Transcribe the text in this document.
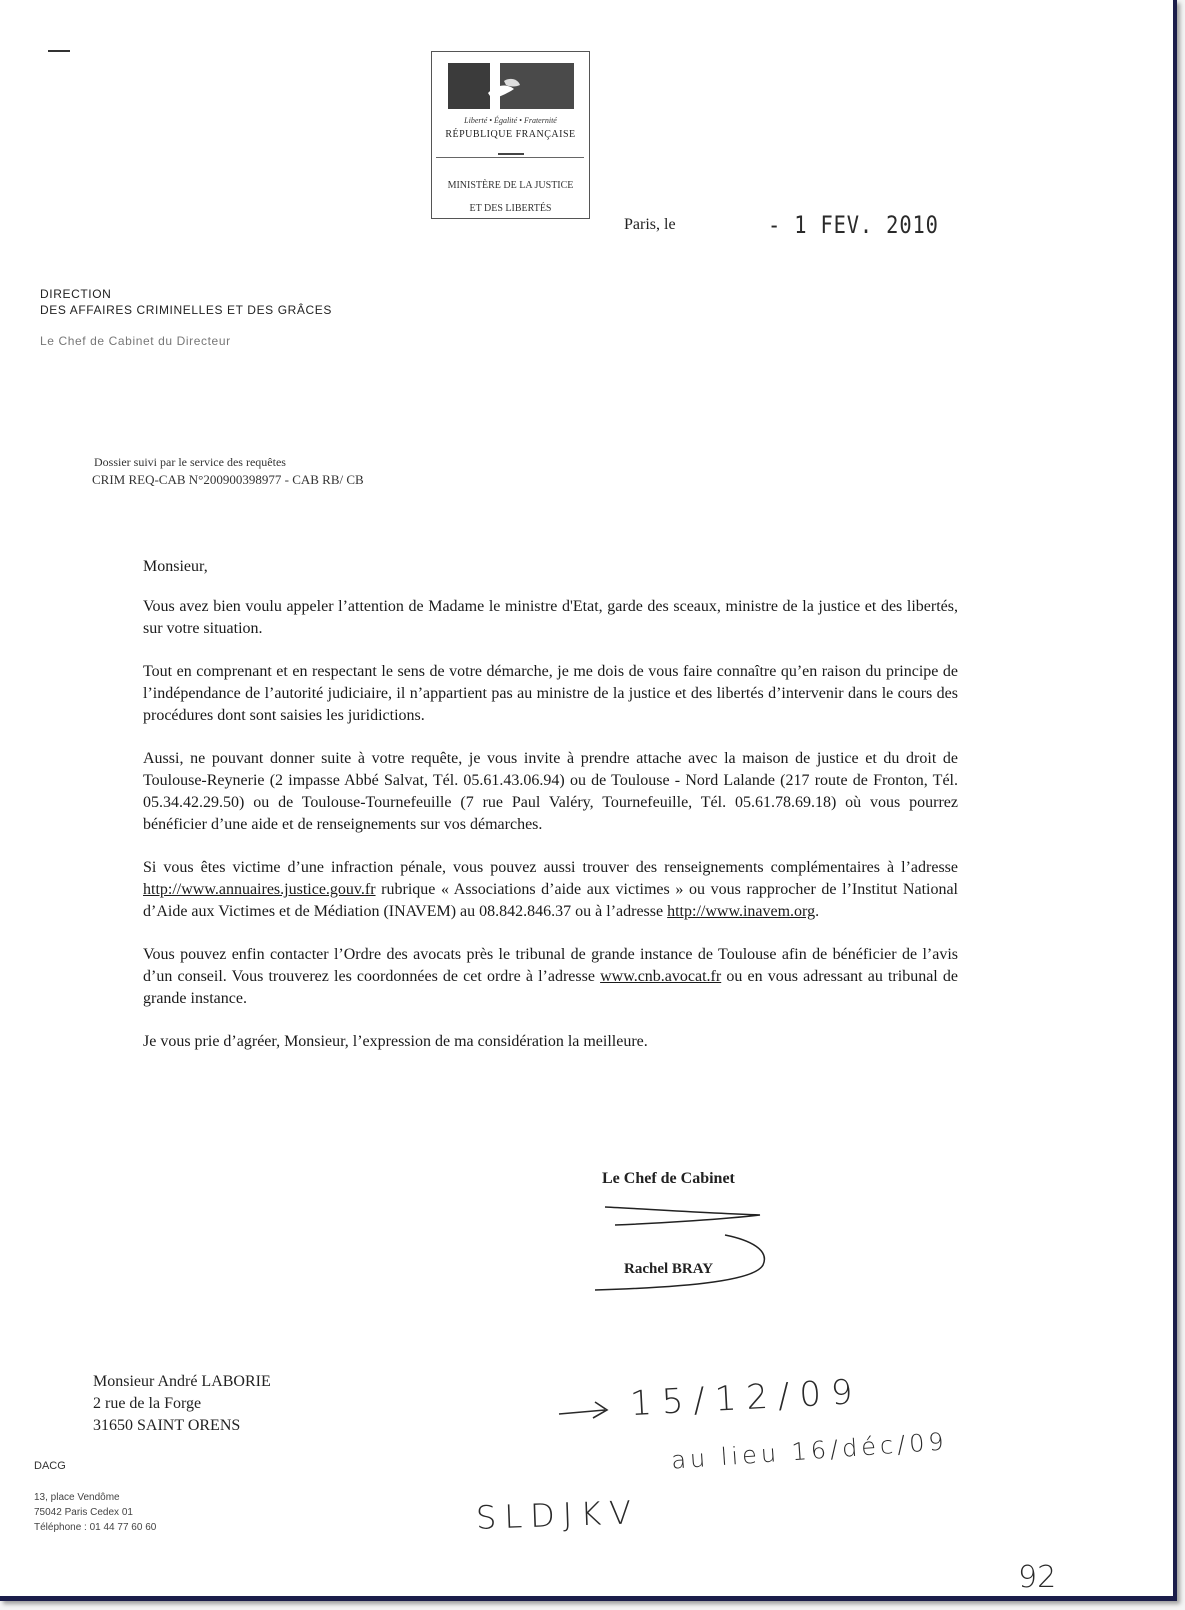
Liberté • Égalité • Fraternité
RÉPUBLIQUE FRANÇAISE
MINISTÈRE DE LA JUSTICE
ET DES LIBERTÉS
Paris, le	- 1 FEV. 2010
DIRECTION
DES AFFAIRES CRIMINELLES ET DES GRÂCES
Le Chef de Cabinet du Directeur
Dossier suivi par le service des requêtes
CRIM REQ-CAB N°200900398977 - CAB RB/ CB

Monsieur,

Vous avez bien voulu appeler l’attention de Madame le ministre d'Etat, garde des sceaux, ministre de la justice et des libertés, sur votre situation.

Tout en comprenant et en respectant le sens de votre démarche, je me dois de vous faire connaître qu’en raison du principe de l’indépendance de l’autorité judiciaire, il n’appartient pas au ministre de la justice et des libertés d’intervenir dans le cours des procédures dont sont saisies les juridictions.

Aussi, ne pouvant donner suite à votre requête, je vous invite à prendre attache avec la maison de justice et du droit de Toulouse-Reynerie (2 impasse Abbé Salvat, Tél. 05.61.43.06.94) ou de Toulouse - Nord Lalande (217 route de Fronton, Tél. 05.34.42.29.50) ou de Toulouse-Tournefeuille (7 rue Paul Valéry, Tournefeuille, Tél. 05.61.78.69.18) où vous pourrez bénéficier d’une aide et de renseignements sur vos démarches.

Si vous êtes victime d’une infraction pénale, vous pouvez aussi trouver des renseignements complémentaires à l’adresse http://www.annuaires.justice.gouv.fr rubrique « Associations d’aide aux victimes » ou vous rapprocher de l’Institut National d’Aide aux Victimes et de Médiation (INAVEM) au 08.842.846.37 ou à l’adresse http://www.inavem.org.

Vous pouvez enfin contacter l’Ordre des avocats près le tribunal de grande instance de Toulouse afin de bénéficier de l’avis d’un conseil. Vous trouverez les coordonnées de cet ordre à l’adresse www.cnb.avocat.fr ou en vous adressant au tribunal de grande instance.

Je vous prie d’agréer, Monsieur, l’expression de ma considération la meilleure.

Le Chef de Cabinet
Rachel BRAY
Monsieur André LABORIE
2 rue de la Forge
31650 SAINT ORENS
15/12/09
au lieu 16/déc/09
SLDJKV
DACG
13, place Vendôme
75042 Paris Cedex 01
Téléphone : 01 44 77 60 60
92
